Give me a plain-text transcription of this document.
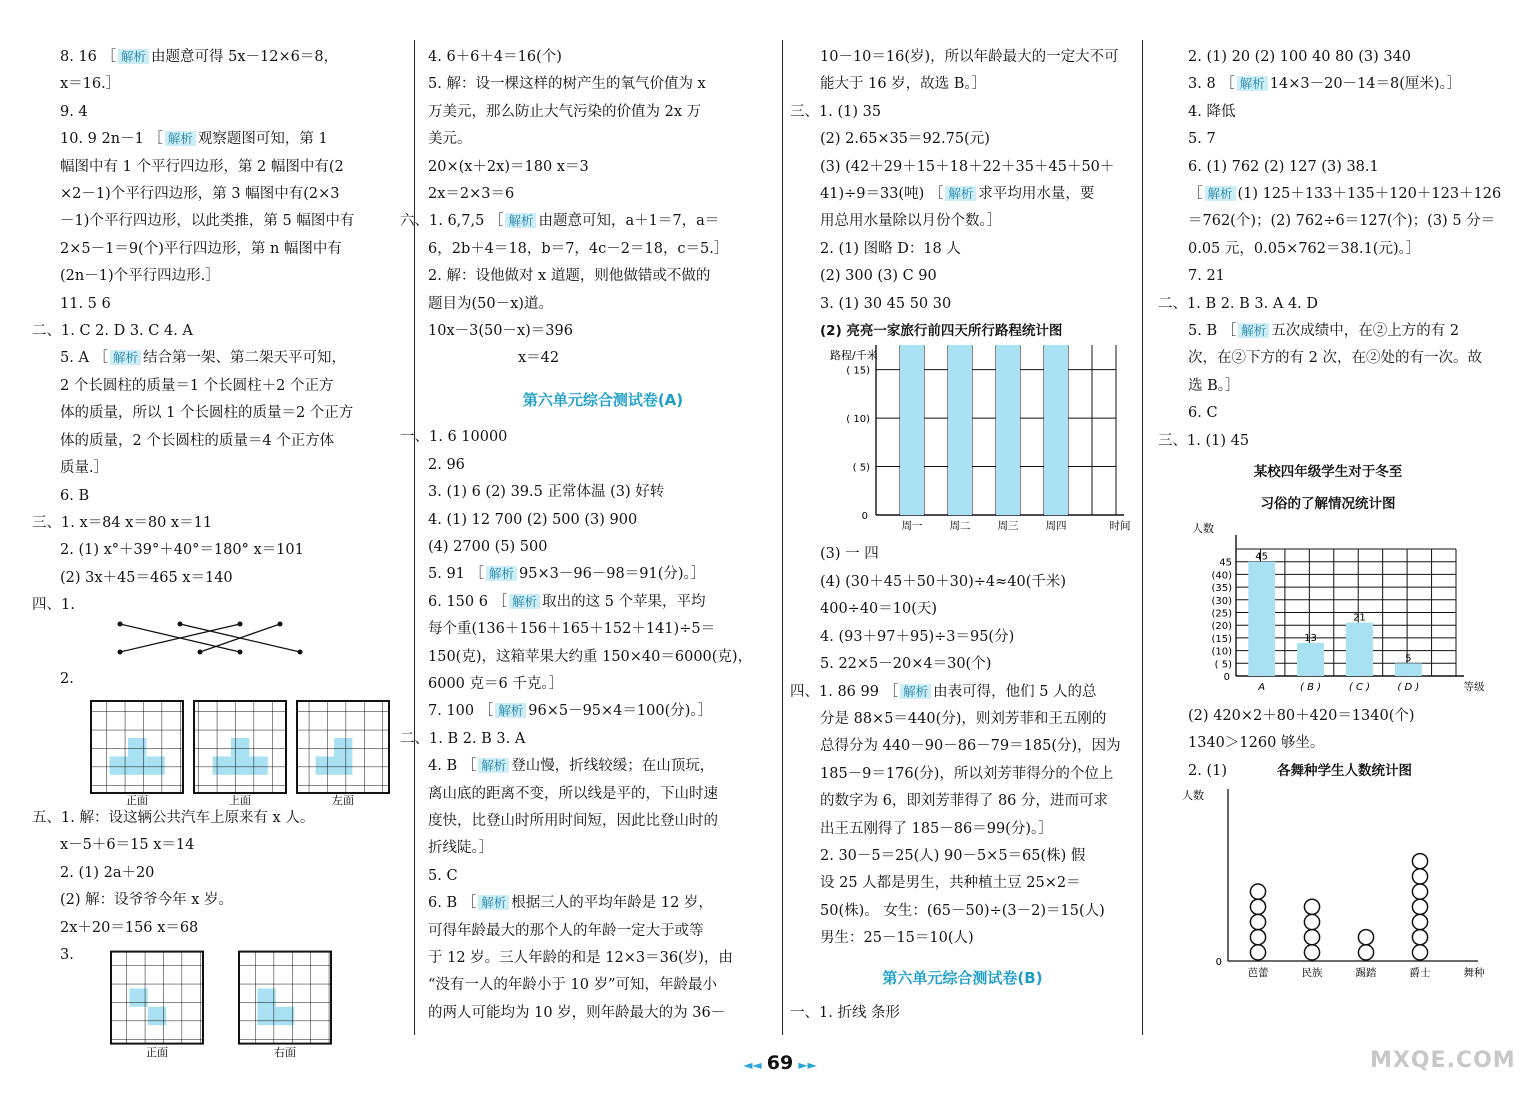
8. 16 ［ 解析 由题意可得 5x－12×6＝8，
x＝16.］
9. 4
10. 9 2n－1 ［ 解析 观察题图可知，第 1
幅图中有 1 个平行四边形，第 2 幅图中有(2
×2－1)个平行四边形，第 3 幅图中有(2×3
－1)个平行四边形，以此类推，第 5 幅图中有
2×5－1＝9(个)平行四边形，第 n 幅图中有
(2n－1)个平行四边形.］
11. 5 6
二、1. C 2. D 3. C 4. A
5. A ［ 解析 结合第一架、第二架天平可知，
2 个长圆柱的质量＝1 个长圆柱＋2 个正方
体的质量，所以 1 个长圆柱的质量＝2 个正方
体的质量，2 个长圆柱的质量＝4 个正方体
质量.］
6. B
三、1. x＝84 x＝80 x＝11
2. (1) x°＋39°＋40°＝180° x＝101
(2) 3x＋45＝465 x＝140
四、1.
2.
正面	上面	左面
五、1. 解：设这辆公共汽车上原来有 x 人。
x－5＋6＝15 x＝14
2. (1) 2a＋20
(2) 解：设爷爷今年 x 岁。
2x＋20＝156 x＝68
3.
正面	右面
4. 6＋6＋4＝16(个)
5. 解：设一棵这样的树产生的氧气价值为 x
万美元，那么防止大气污染的价值为 2x 万
美元。
20×(x＋2x)＝180 x＝3
2x＝2×3＝6
六、1. 6,7,5 ［ 解析 由题意可知，a＋1＝7，a＝
6，2b＋4＝18，b＝7，4c－2＝18，c＝5.］
2. 解：设他做对 x 道题，则他做错或不做的
题目为(50－x)道。
10x－3(50－x)＝396
x＝42
第六单元综合测试卷(A)
一、1. 6 10000
2. 96
3. (1) 6 (2) 39.5 正常体温 (3) 好转
4. (1) 12 700 (2) 500 (3) 900
(4) 2700 (5) 500
5. 91 ［ 解析 95×3－96－98＝91(分)。］
6. 150 6 ［ 解析 取出的这 5 个苹果，平均
每个重(136＋156＋165＋152＋141)÷5＝
150(克)，这箱苹果大约重 150×40＝6000(克)，
6000 克＝6 千克。］
7. 100 ［ 解析 96×5－95×4＝100(分)。］
二、1. B 2. B 3. A
4. B ［ 解析 登山慢，折线较缓；在山顶玩，
离山底的距离不变，所以线是平的，下山时速
度快，比登山时所用时间短，因此比登山时的
折线陡。］
5. C
6. B ［ 解析 根据三人的平均年龄是 12 岁，
可得年龄最大的那个人的年龄一定大于或等
于 12 岁。三人年龄的和是 12×3＝36(岁)，由
“没有一人的年龄小于 10 岁”可知，年龄最小
的两人可能均为 10 岁，则年龄最大的为 36－
10－10＝16(岁)，所以年龄最大的一定大不可
能大于 16 岁，故选 B。］
三、1. (1) 35
(2) 2.65×35＝92.75(元)
(3) (42＋29＋15＋18＋22＋35＋45＋50＋
41)÷9＝33(吨) ［ 解析 求平均用水量，要
用总用水量除以月份个数。］
2. (1) 图略 D：18 人
(2) 300 (3) C 90
3. (1) 30 45 50 30
(2) 亮亮一家旅行前四天所行路程统计图
路程/千米
0
( 5)
( 10)
( 15)
周一	周二	周三	周四	时间
(3) 一 四
(4) (30＋45＋50＋30)÷4≈40(千米)
400÷40＝10(天)
4. (93＋97＋95)÷3＝95(分)
5. 22×5－20×4＝30(个)
四、1. 86 99 ［ 解析 由表可得，他们 5 人的总
分是 88×5＝440(分)，则刘芳菲和王五刚的
总得分为 440－90－86－79＝185(分)，因为
185－9＝176(分)，所以刘芳菲得分的个位上
的数字为 6，即刘芳菲得了 86 分，进而可求
出王五刚得了 185－86＝99(分)。］
2. 30－5＝25(人) 90－5×5＝65(株) 假
设 25 人都是男生，共种植土豆 25×2＝
50(株)。 女生：(65－50)÷(3－2)＝15(人)
男生：25－15＝10(人)
第六单元综合测试卷(B)
一、1. 折线 条形
2. (1) 20 (2) 100 40 80 (3) 340
3. 8 ［ 解析 14×3－20－14＝8(厘米)。］
4. 降低
5. 7
6. (1) 762 (2) 127 (3) 38.1
［ 解析 (1) 125＋133＋135＋120＋123＋126
＝762(个)；(2) 762÷6＝127(个)；(3) 5 分＝
0.05 元，0.05×762＝38.1(元)。］
7. 21
二、1. B 2. B 3. A 4. D
5. B ［ 解析 五次成绩中，在②上方的有 2
次，在②下方的有 2 次，在②处的有一次。故
选 B。］
6. C
三、1. (1) 45
某校四年级学生对于冬至
习俗的了解情况统计图
人数
0
( 5)
(10)
(15)
(20)
(25)
(30)
(35)
(40)
45
45
A
13
( B )
21
( C )
5
( D )	等级
(2) 420×2＋80＋420＝1340(个)
1340＞1260 够坐。
2. (1)	各舞种学生人数统计图
人数
0
芭蕾	民族	踢踏	爵士	舞种
◄◄ 69 ►►	MXQE.COM
